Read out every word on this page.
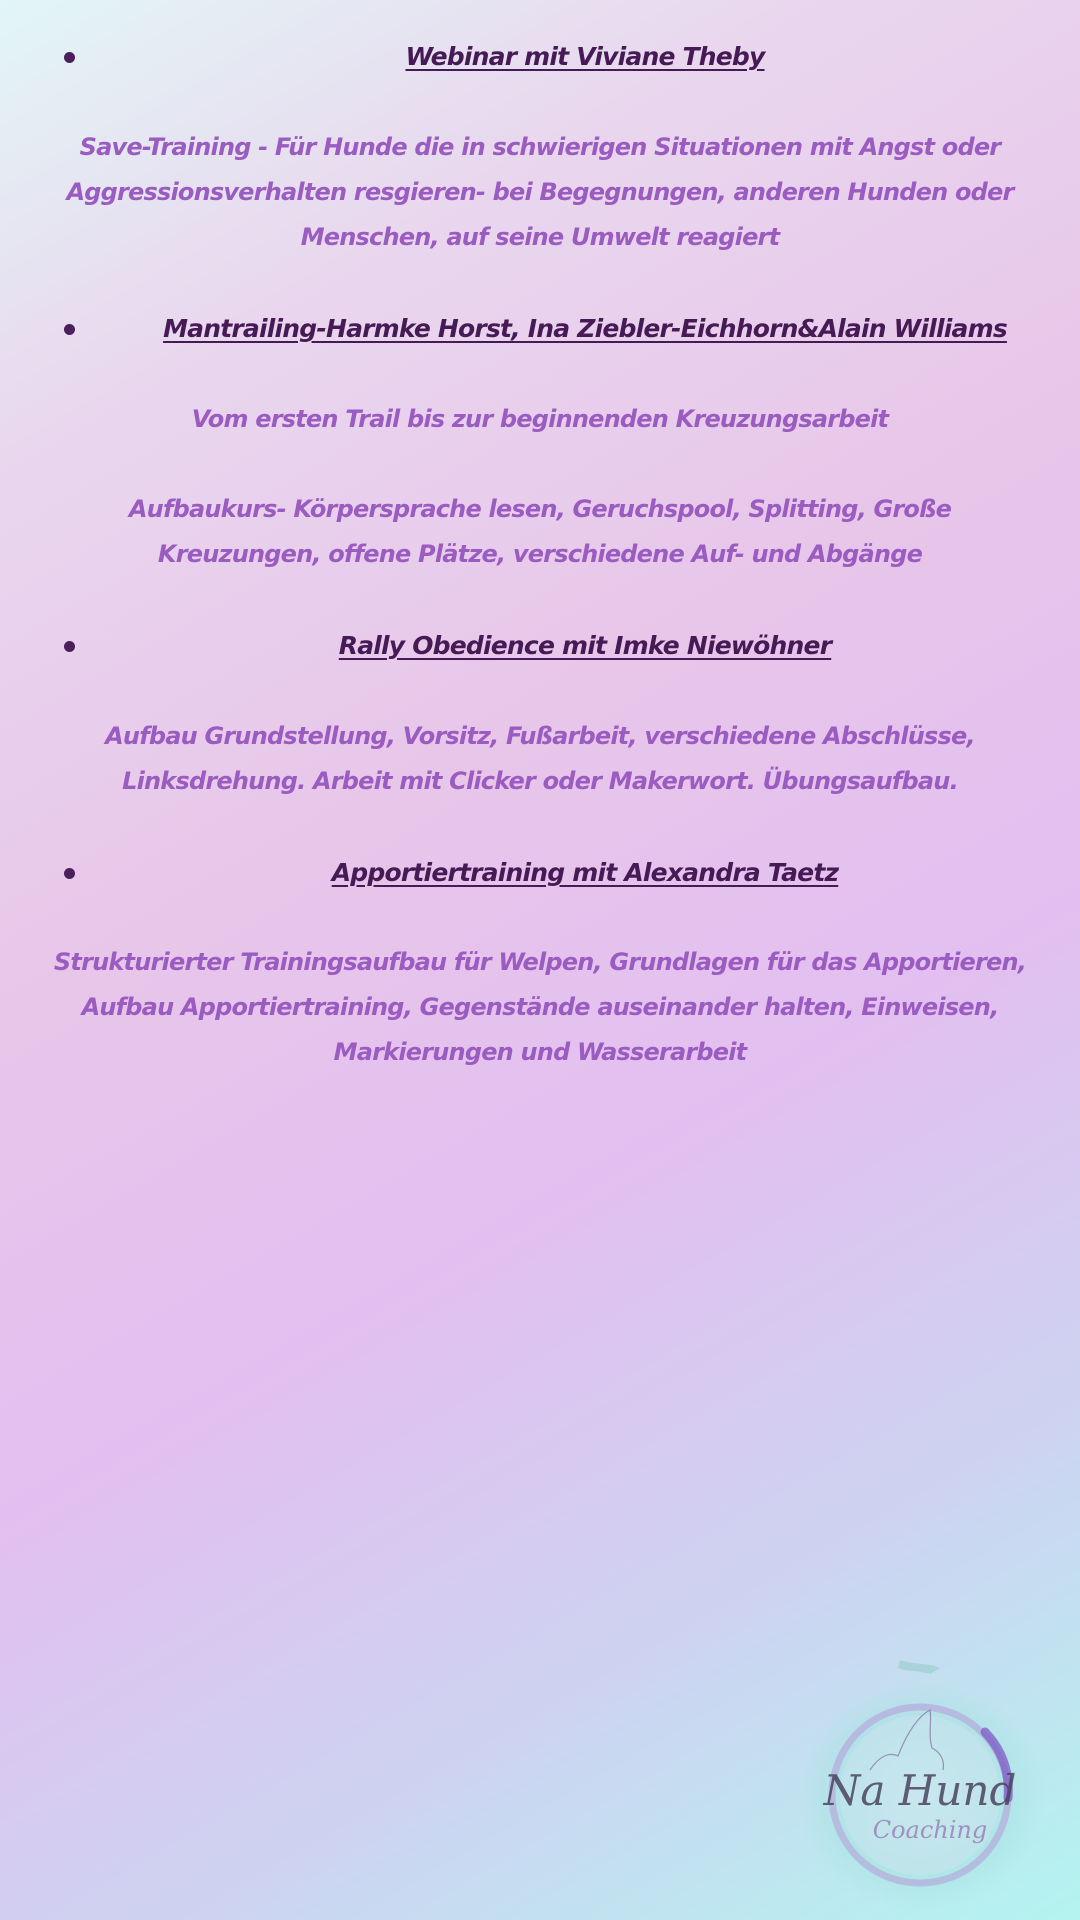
Webinar mit Viviane Theby
Save-Training - Für Hunde die in schwierigen Situationen mit Angst oder Aggressionsverhalten resgieren- bei Begegnungen, anderen Hunden oder Menschen, auf seine Umwelt reagiert
Mantrailing-Harmke Horst, Ina Ziebler-Eichhorn&Alain Williams
Vom ersten Trail bis zur beginnenden Kreuzungsarbeit
Aufbaukurs- Körpersprache lesen, Geruchspool, Splitting, Große Kreuzungen, offene Plätze, verschiedene Auf- und Abgänge
Rally Obedience mit Imke Niewöhner
Aufbau Grundstellung, Vorsitz, Fußarbeit, verschiedene Abschlüsse, Linksdrehung. Arbeit mit Clicker oder Makerwort. Übungsaufbau.
Apportiertraining mit Alexandra Taetz
Strukturierter Trainingsaufbau für Welpen, Grundlagen für das Apportieren, Aufbau Apportiertraining, Gegenstände auseinander halten, Einweisen, Markierungen und Wasserarbeit
Na Hund
Coaching
